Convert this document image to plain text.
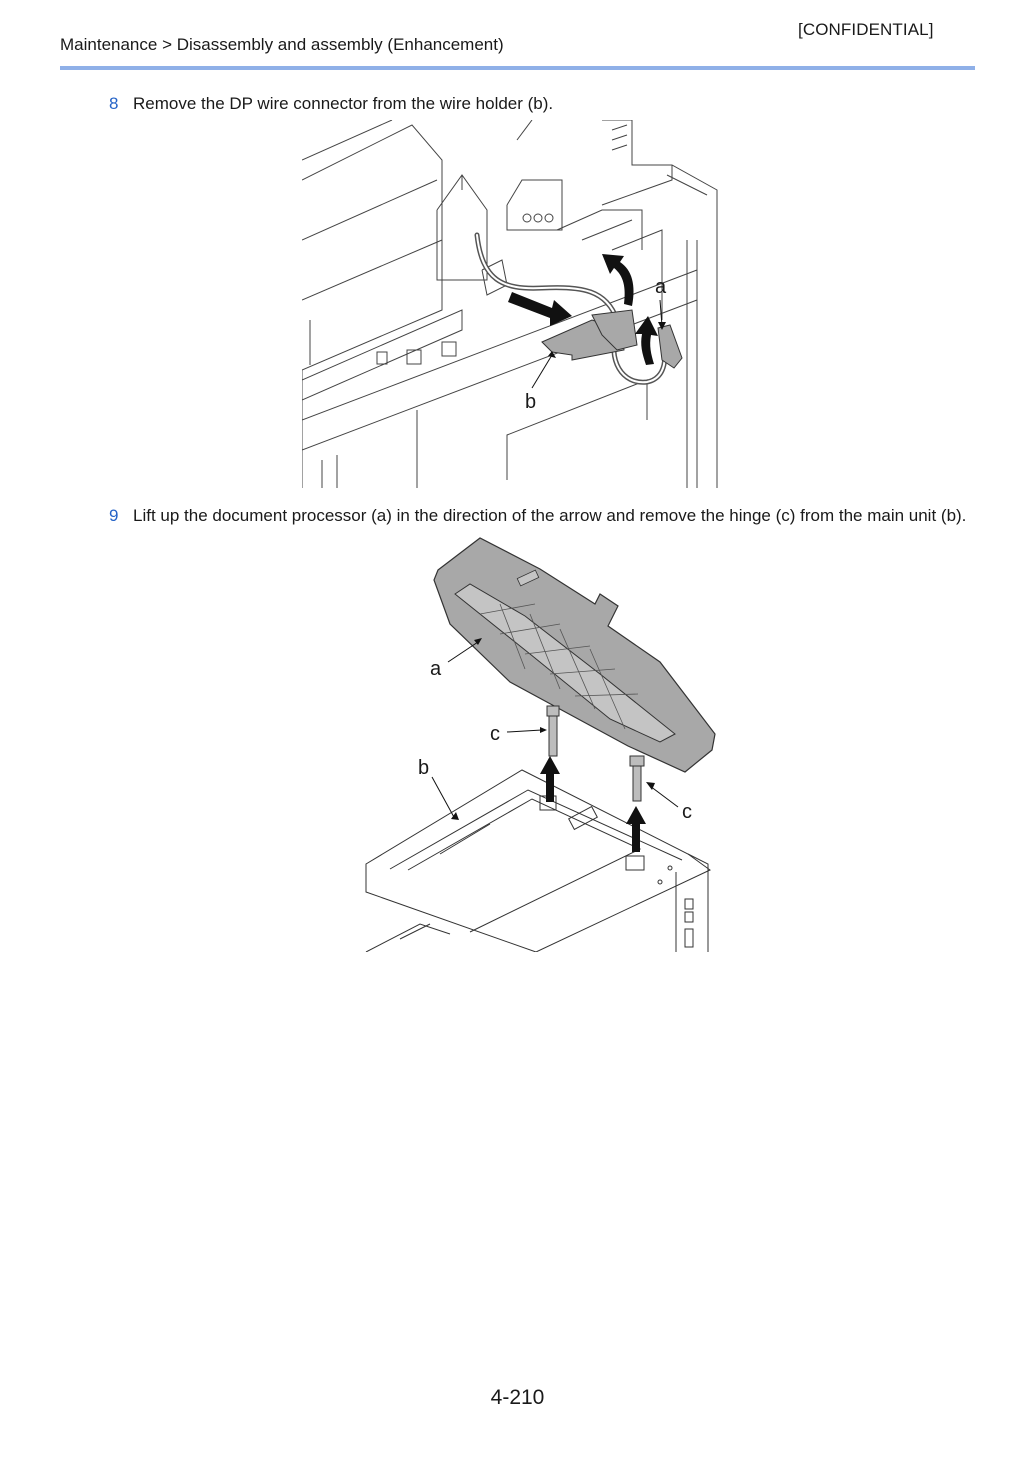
[CONFIDENTIAL]
Maintenance > Disassembly and assembly (Enhancement)
8 Remove the DP wire connector from the wire holder (b).
a
b
9 Lift up the document processor (a) in the direction of the arrow and remove the hinge (c) from the main unit (b).
a
c
b
c
4-210
